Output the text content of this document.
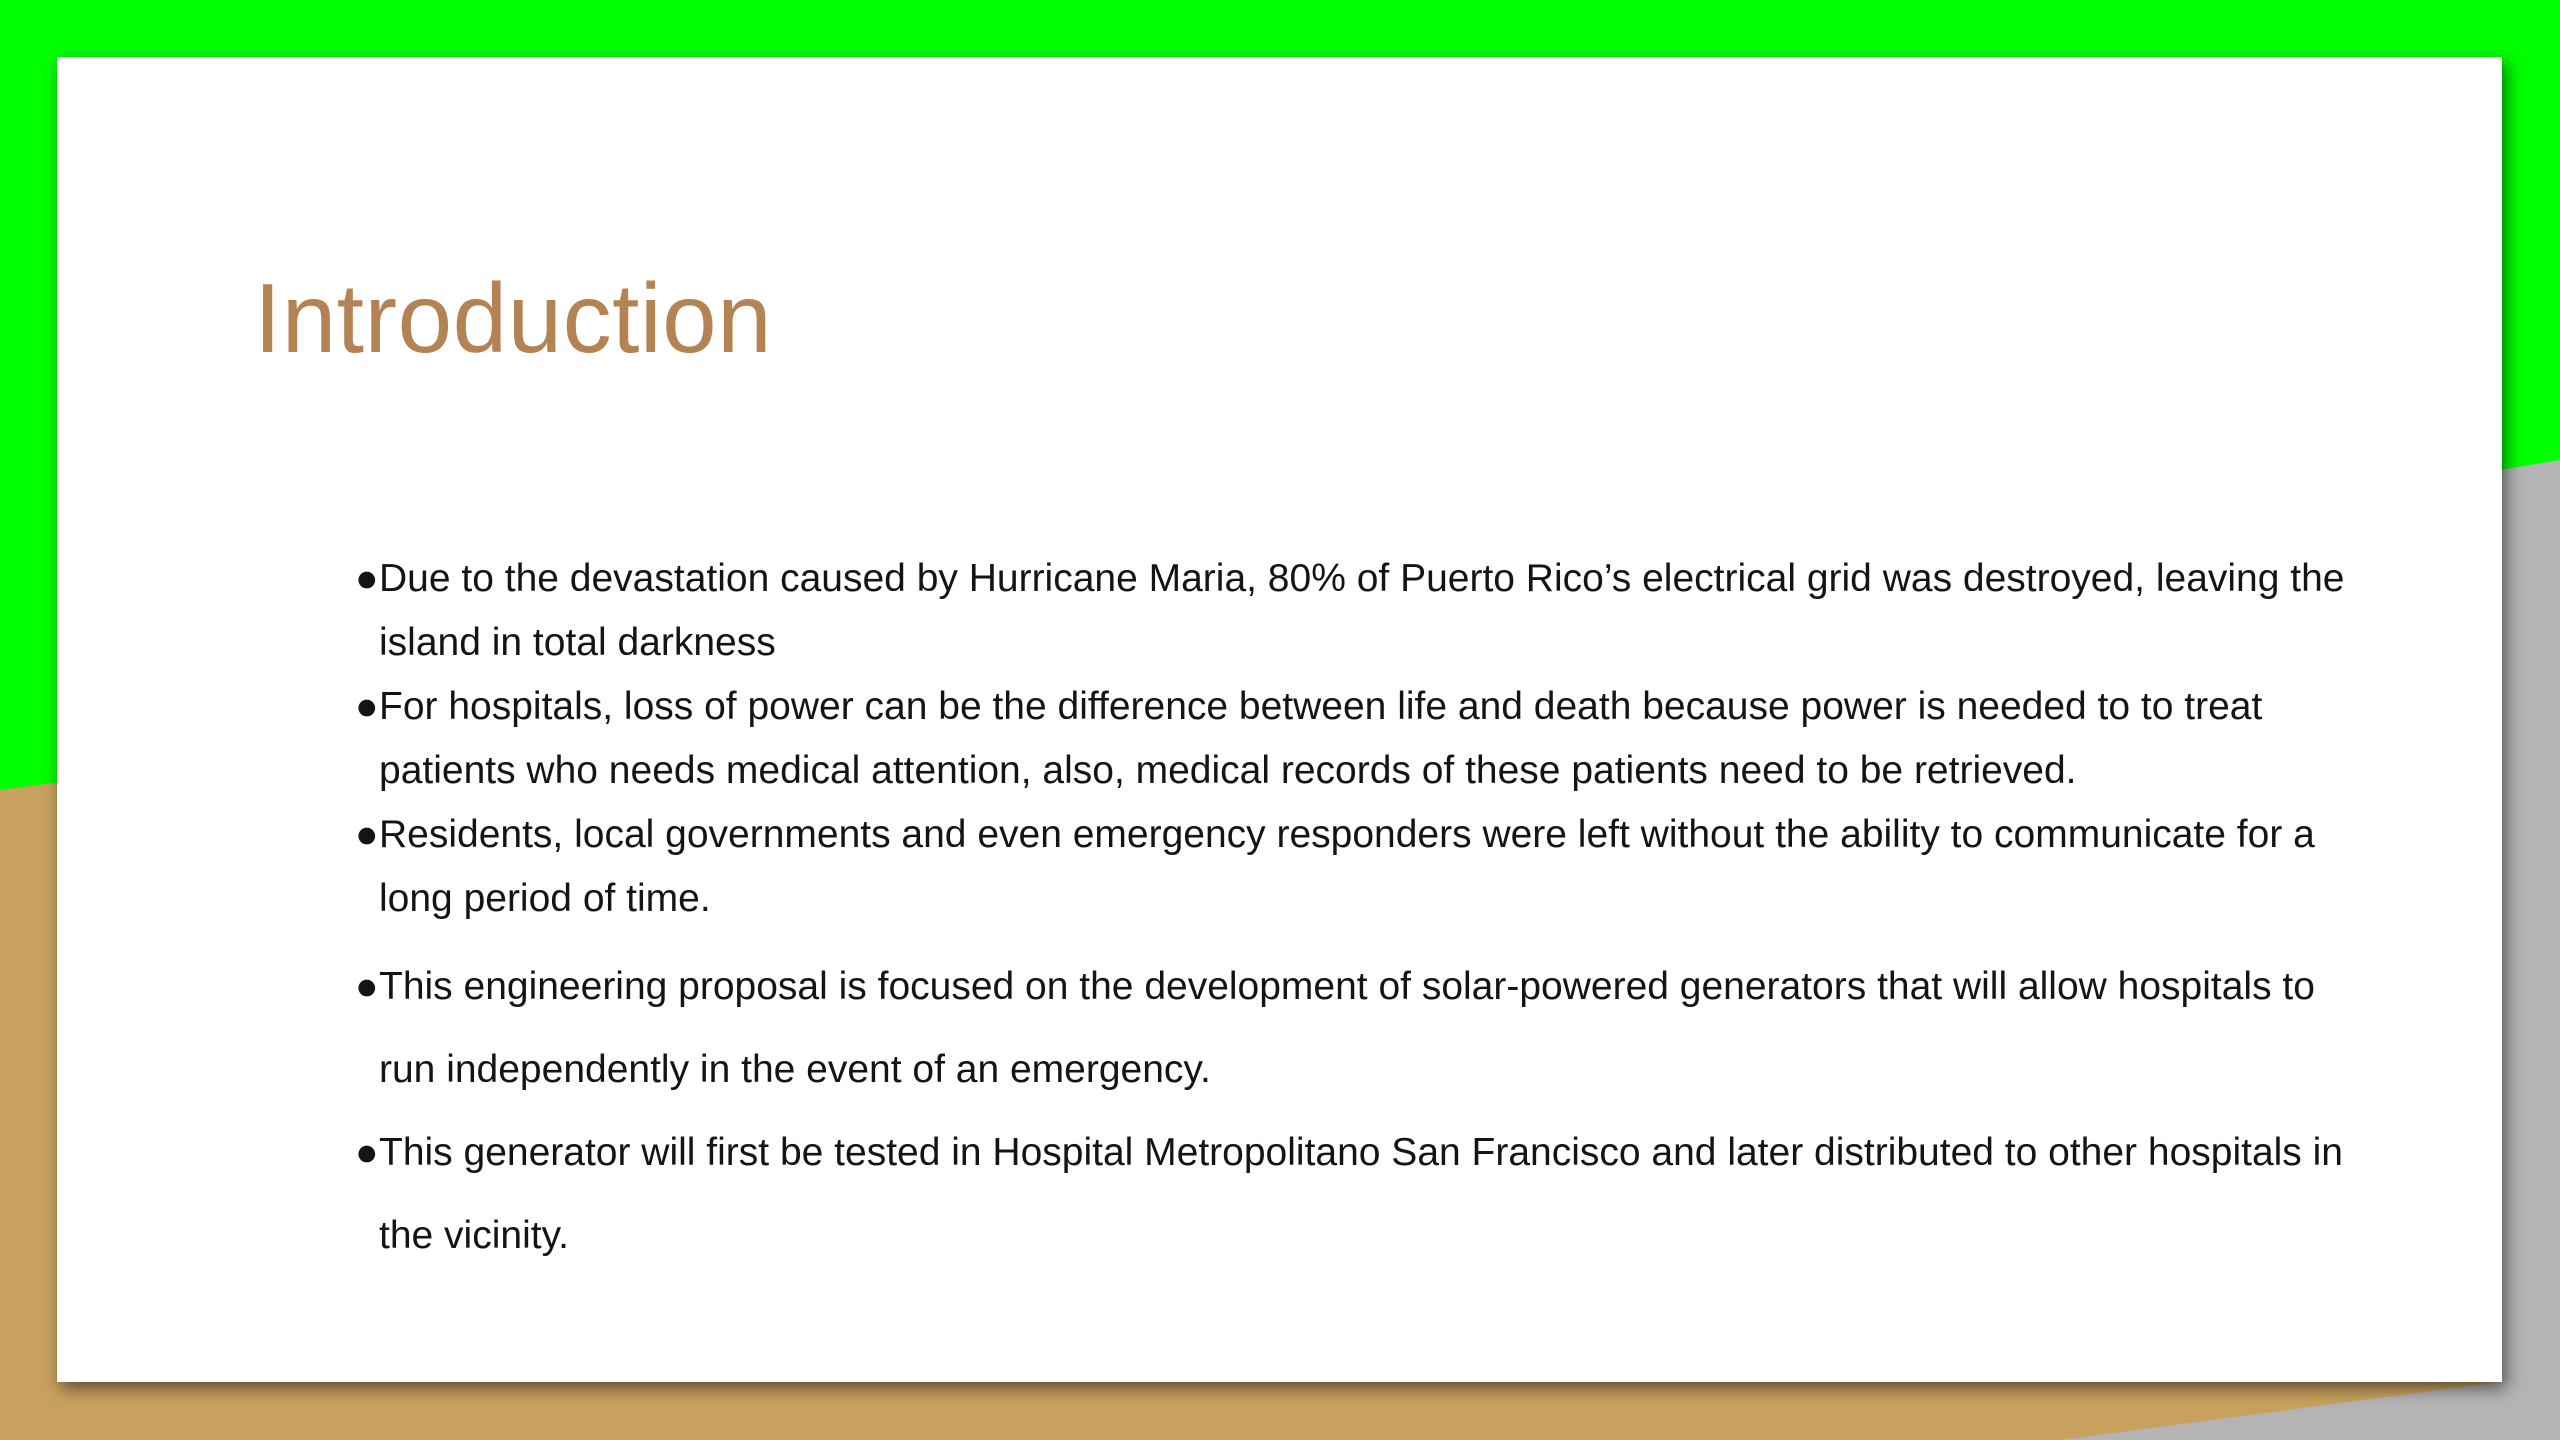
Introduction
● Due to the devastation caused by Hurricane Maria, 80% of Puerto Rico’s electrical grid was destroyed, leaving the island in total darkness
● For hospitals, loss of power can be the difference between life and death because power is needed to to treat patients who needs medical attention, also, medical records of these patients need to be retrieved.
● Residents, local governments and even emergency responders were left without the ability to communicate for a long period of time.
● This engineering proposal is focused on the development of solar-powered generators that will allow hospitals to run independently in the event of an emergency.
● This generator will first be tested in Hospital Metropolitano San Francisco and later distributed to other hospitals in the vicinity.
